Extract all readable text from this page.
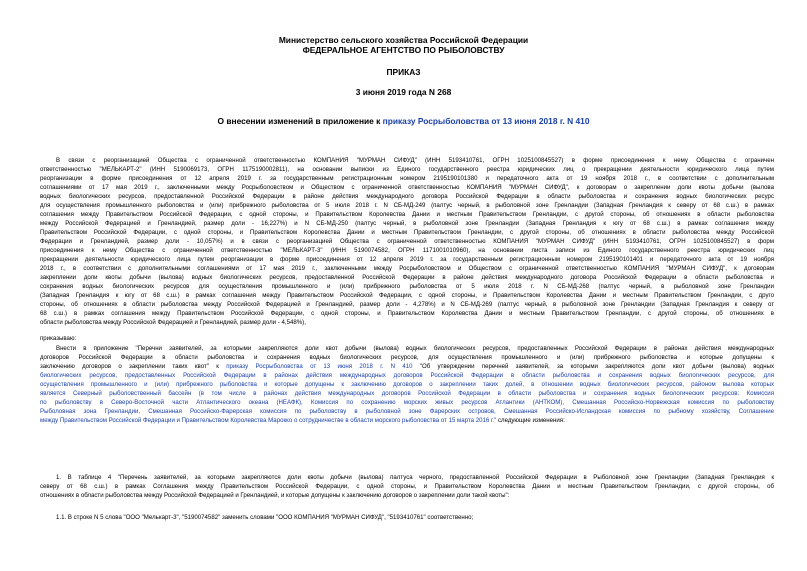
Министерство сельского хозяйства Российской Федерации
ФЕДЕРАЛЬНОЕ АГЕНТСТВО ПО РЫБОЛОВСТВУ
ПРИКАЗ
3 июня 2019 года N 268
О внесении изменений в приложение к приказу Росрыболовства от 13 июня 2018 г. N 410
В связи с реорганизацией Общества с ограниченной ответственностью КОМПАНИЯ "МУРМАН СИФУД" (ИНН 5193410761, ОГРН 1025100845527) в форме присоединения к нему Общества с ограничен
ответственностью "МЕЛЬКАРТ-2" (ИНН 5190069173, ОГРН 1175190002811), на основании выписки из Единого государственного реестра юридических лиц о прекращении деятельности юридического лица путем
реорганизации в форме присоединения от 12 апреля 2019 г. за государственным регистрационным номером 2195190101380 и передаточного акта от 19 ноября 2018 г., в соответствии с дополнительным
соглашениями от 17 мая 2019 г., заключенными между Росрыболовством и Обществом с ограниченной ответственностью КОМПАНИЯ "МУРМАН СИФУД", к договорам о закреплении доли квоты добычи (вылова
водных биологических ресурсов, предоставленной Российской Федерации в районе действия международного договора Российской Федерации в области рыболовства и сохранения водных биологических ресурс
для осуществления промышленного рыболовства и (или) прибрежного рыболовства от 5 июля 2018 г. N СБ-МД-249 (палтус черный, в рыболовной зоне Гренландии (Западная Гренландия к северу от 68 с.ш.) в рамках
соглашения между Правительством Российской Федерации, с одной стороны, и Правительством Королевства Дании и местным Правительством Гренландии, с другой стороны, об отношениях в области рыболовства
между Российской Федерацией и Гренландией, размер доли - 16,227%) и N СБ-МД-250 (палтус черный, в рыболовной зоне Гренландии (Западная Гренландия к югу от 68 с.ш.) в рамках соглашения между
Правительством Российской Федерации, с одной стороны, и Правительством Королевства Дании и местным Правительством Гренландии, с другой стороны, об отношениях в области рыболовства между Российской
Федерации и Гренландией, размер доли - 10,057%) и в связи с реорганизацией Общества с ограниченной ответственностью КОМПАНИЯ "МУРМАН СИФУД" (ИНН 5193410761, ОГРН 1025100845527) в форм
присоединения к нему Общества с ограниченной ответственностью "МЕЛЬКАРТ-3" (ИНН 5190074582, ОГРН 1171001010960), на основании листа записи из Единого государственного реестра юридических лиц
прекращении деятельности юридического лица путем реорганизации в форме присоединения от 12 апреля 2019 г. за государственным регистрационным номером 2195190101401 и передаточного акта от 19 ноября
2018 г., в соответствии с дополнительными соглашениями от 17 мая 2019 г., заключенными между Росрыболовством и Обществом с ограниченной ответственностью КОМПАНИЯ "МУРМАН СИФУД", к договорам
закреплении доли квоты добычи (вылова) водных биологических ресурсов, предоставленной Российской Федерации в районе действия международного договора Российской Федерации в области рыболовства и
сохранения водных биологических ресурсов для осуществления промышленного и (или) прибрежного рыболовства от 5 июля 2018 г. N СБ-МД-268 (палтус черный, в рыболовной зоне Гренландии
(Западная Гренландия к югу от 68 с.ш.) в рамках соглашения между Правительством Российской Федерации, с одной стороны, и Правительством Королевства Дании и местным Правительством Гренландии, с друго
стороны, об отношениях в области рыболовства между Российской Федерацией и Гренландией, размер доли - 4,278%) и N СБ-МД-269 (палтус черный, в рыболовной зоне Гренландии (Западная Гренландия к северу от
68 с.ш.) в рамках соглашения между Правительством Российской Федерации, с одной стороны, и Правительством Королевства Дании и местным Правительством Гренландии, с другой стороны, об отношениях в
области рыболовства между Российской Федерацией и Гренландией, размер доли - 4,548%),
приказываю:
Внести в приложение "Перечни заявителей, за которыми закрепляются доли квот добычи (вылова) водных биологических ресурсов, предоставленных Российской Федерации в районах действия международных
договоров Российской Федерации в области рыболовства и сохранения водных биологических ресурсов, для осуществления промышленного и (или) прибрежного рыболовства и которые допущены к
заключению договоров о закреплении таких квот" к приказу Росрыболовства от 13 июня 2018 г. N 410 "Об утверждении перечней заявителей, за которыми закрепляются доли квот добычи (вылова) водных
биологических ресурсов, предоставленных Российской Федерации в районах действия международных договоров Российской Федерации в области рыболовства и сохранения водных биологических ресурсов, для
осуществления промышленного и (или) прибрежного рыболовства и которые допущены к заключению договоров о закреплении таких долей, в отношении водных биологических ресурсов, районом вылова которых
является Северный рыболовственный бассейн (в том числе в районах действия международных договоров Российской Федерации в области рыболовства и сохранения водных биологических ресурсов: Комиссия
по рыболовству в Северо-Восточной части Атлантического океана (НЕАФК), Комиссия по сохранению морских живых ресурсов Атлантики (АНТКОМ), Смешанная Российско-Норвежская комиссия по рыболовству
Рыболовная зона Гренландии, Смешанная Российско-Фарерская комиссия по рыболовству в рыболовной зоне Фарерских островов, Смешанная Российско-Исландская комиссия по рыбному хозяйству, Соглашение
между Правительством Российской Федерации и Правительством Королевства Марокко о сотрудничестве в области морского рыболовства от 15 марта 2016 г." следующие изменения:
1. В таблице 4 "Перечень заявителей, за которыми закрепляются доли квоты добычи (вылова) палтуса черного, предоставленной Российской Федерации в Рыболовной зоне Гренландии (Западная Гренландия к
северу от 68 с.ш.) в рамках Соглашения между Правительством Российской Федерации, с одной стороны, и Правительством Королевства Дании и местным Правительством Гренландии, с другой стороны, об
отношениях в области рыболовства между Российской Федерацией и Гренландией, и которые допущены к заключению договоров о закреплении доли такой квоты":
1.1. В строке N 5 слова "ООО "Мелькарт-3", "5190074582" заменить словами "ООО КОМПАНИЯ "МУРМАН СИФУД", "5193410761" соответственно;
